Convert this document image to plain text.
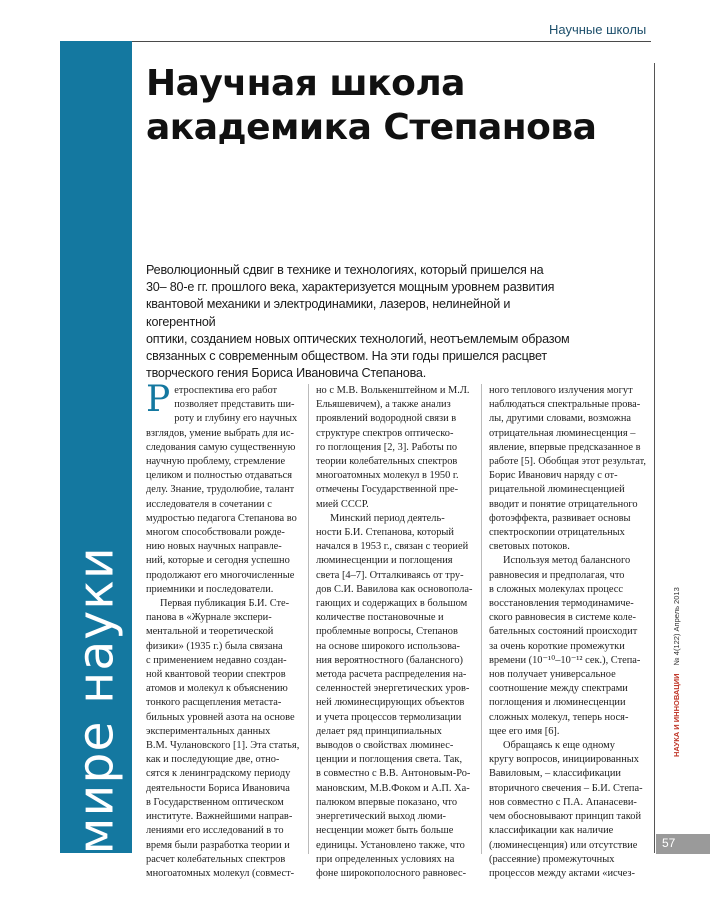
Научные школы
В мире науки
Научная школа академика Степанова
Революционный сдвиг в технике и технологиях, который пришелся на
30– 80-е гг. прошлого века, характеризуется мощным уровнем развития
квантовой механики и электродинамики, лазеров, нелинейной и когерентной
оптики, созданием новых оптических технологий, неотъемлемым образом
связанных с современным обществом. На эти годы пришелся расцвет
творческого гения Бориса Ивановича Степанова.
Р етроспектива его работ
позволяет представить ши-
роту и глубину его научных
взглядов, умение выбрать для ис-
следования самую существенную
научную проблему, стремление
целиком и полностью отдаваться
делу. Знание, трудолюбие, талант
исследователя в сочетании с
мудростью педагога Степанова во
многом способствовали рожде-
нию новых научных направле-
ний, которые и сегодня успешно
продолжают его многочисленные
приемники и последователи.

Первая публикация Б.И. Сте-
панова в «Журнале экспери-
ментальной и теоретической
физики» (1935 г.) была связана
с применением недавно создан-
ной квантовой теории спектров
атомов и молекул к объяснению
тонкого расщепления метаста-
бильных уровней азота на основе
экспериментальных данных
В.М. Чулановского [1]. Эта статья,
как и последующие две, отно-
сятся к ленинградскому периоду
деятельности Бориса Ивановича
в Государственном оптическом
институте. Важнейшими направ-
лениями его исследований в то
время были разработка теории и
расчет колебательных спектров
многоатомных молекул (совмест-

но с М.В. Волькенштейном и М.Л.
Ельяшевичем), а также анализ
проявлений водородной связи в
структуре спектров оптическо-
го поглощения [2, 3]. Работы по
теории колебательных спектров
многоатомных молекул в 1950 г.
отмечены Государственной пре-
мией СССР.

Минский период деятель-
ности Б.И. Степанова, который
начался в 1953 г., связан с теорией
люминесценции и поглощения
света [4–7]. Отталкиваясь от тру-
дов С.И. Вавилова как основопола-
гающих и содержащих в большом
количестве постановочные и
проблемные вопросы, Степанов
на основе широкого использова-
ния вероятностного (балансного)
метода расчета распределения на-
селенностей энергетических уров-
ней люминесцирующих объектов
и учета процессов термолизации
делает ряд принципиальных
выводов о свойствах люминес-
ценции и поглощения света. Так,
в совместно с В.В. Антоновым-Ро-
мановским, М.В.Фоком и А.П. Ха-
палюком впервые показано, что
энергетический выход люми-
несценции может быть больше
единицы. Установлено также, что
при определенных условиях на
фоне широкополосного равновес-

ного теплового излучения могут
наблюдаться спектральные прова-
лы, другими словами, возможна
отрицательная люминесценция –
явление, впервые предсказанное в
работе [5]. Обобщая этот результат,
Борис Иванович наряду с от-
рицательной люминесценцией
вводит и понятие отрицательного
фотоэффекта, развивает основы
спектроскопии отрицательных
световых потоков.

Используя метод балансного
равновесия и предполагая, что
в сложных молекулах процесс
восстановления термодинамиче-
ского равновесия в системе коле-
бательных состояний происходит
за очень короткие промежутки
времени (10⁻¹⁰–10⁻¹² сек.), Степа-
нов получает универсальное
соотношение между спектрами
поглощения и люминесценции
сложных молекул, теперь нося-
щее его имя [6].

Обращаясь к еще одному
кругу вопросов, инициированных
Вавиловым, – классификации
вторичного свечения – Б.И. Степа-
нов совместно с П.А. Апанасеви-
чем обосновывают принцип такой
классификации как наличие
(люминесценция) или отсутствие
(рассеяние) промежуточных
процессов между актами «исчез-

НАУКА И ИННОВАЦИИ № 4(122) Апрель 2013
57
